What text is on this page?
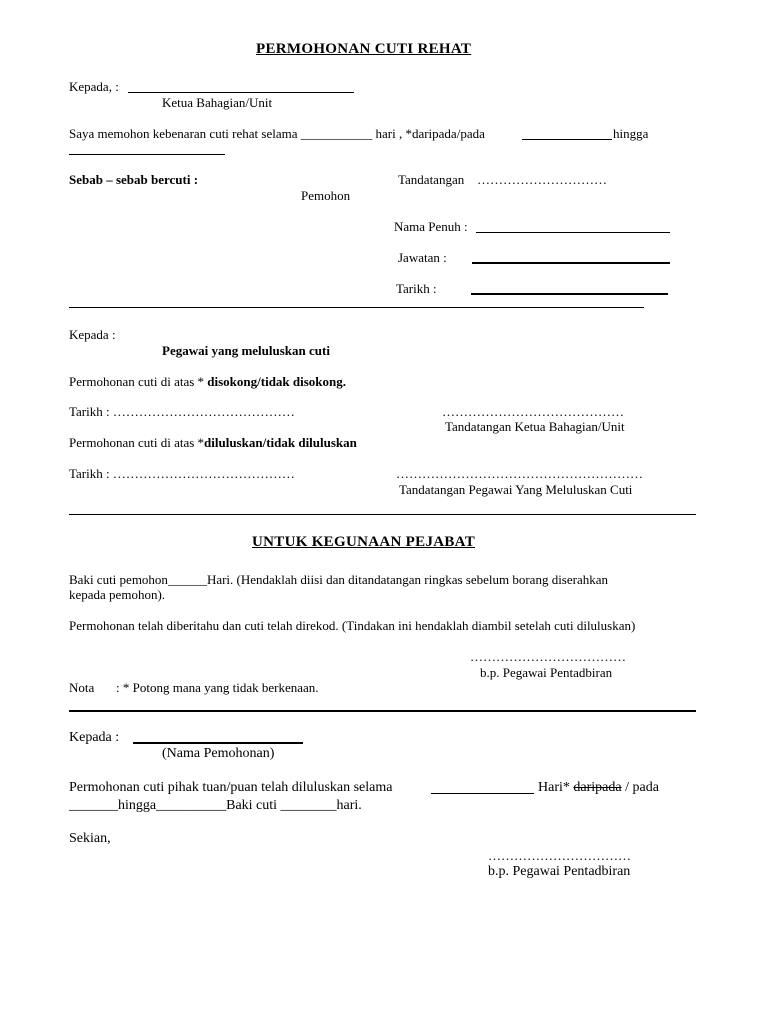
PERMOHONAN CUTI REHAT
Kepada, :
Ketua Bahagian/Unit
Saya memohon kebenaran cuti rehat selama ___________ hari , *daripada/pada	hingga
Sebab – sebab bercuti :	Tandatangan …………………………
Pemohon
Nama Penuh :
Jawatan :
Tarikh :
Kepada :
Pegawai yang meluluskan cuti
Permohonan cuti di atas * disokong/tidak disokong.
Tarikh : ……………………………………	……………………………………
Tandatangan Ketua Bahagian/Unit
Permohonan cuti di atas *diluluskan/tidak diluluskan
Tarikh : ……………………………………	…………………………………………………
Tandatangan Pegawai Yang Meluluskan Cuti
UNTUK KEGUNAAN PEJABAT
Baki cuti pemohon______Hari. (Hendaklah diisi dan ditandatangan ringkas sebelum borang diserahkan
kepada pemohon).
Permohonan telah diberitahu dan cuti telah direkod. (Tindakan ini hendaklah diambil setelah cuti diluluskan)
………………………………
b.p. Pegawai Pentadbiran
Nota : * Potong mana yang tidak berkenaan.
Kepada :
(Nama Pemohonan)
Permohonan cuti pihak tuan/puan telah diluluskan selama	Hari* daripada / pada
_______hingga__________Baki cuti ________hari.
Sekian,
……………………………
b.p. Pegawai Pentadbiran
